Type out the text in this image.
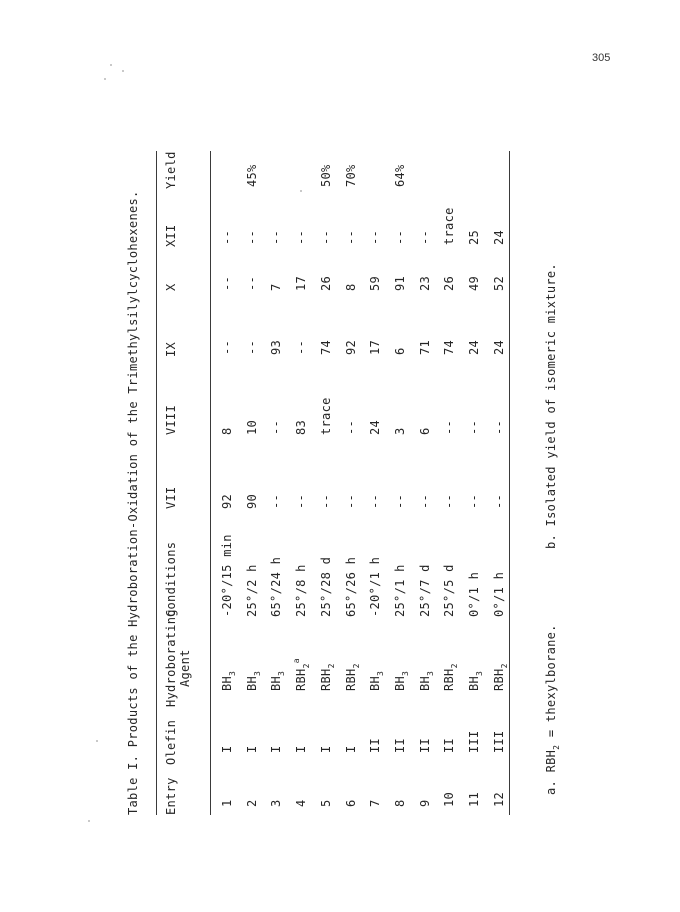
305
Table I. Products of the Hydroboration-Oxidation of the Trimethylsilylcyclohexenes. Entry
Olefin
Hydroborating Agent
Conditions
VII
VIII
IX
X
XII
Yield
1
I
$BH_3$
-20°/15 min
92
8
--
--
--
2
I
$BH_3$
25°/2 h
90
10
--
--
--
45%
3
I
$BH_3$
65°/24 h
--
--
93
7
--
4
I
$RBH_2^a$
25°/8 h
--
83
--
17
--
5
I
$RBH_2$
25°/28 d
--
trace
74
26
--
50%
6
I
$RBH_2$
65°/26 h
--
--
92
8
--
70%
7
II
$BH_3$
-20°/1 h
--
24
17
59
--
8
II
$BH_3$
25°/1 h
--
3
6
91
--
64%
9
II
$BH_3$
25°/7 d
--
6
71
23
--
10
II
$RBH_2$
25°/5 d
--
--
74
26
trace
11
III
$BH_3$
0°/1 h
--
--
24
49
25
12
III
$RBH_2$
0°/1 h
--
--
24
52
24
a. $RBH_2$ = thexylborane.
b. Isolated yield of isomeric mixture.
